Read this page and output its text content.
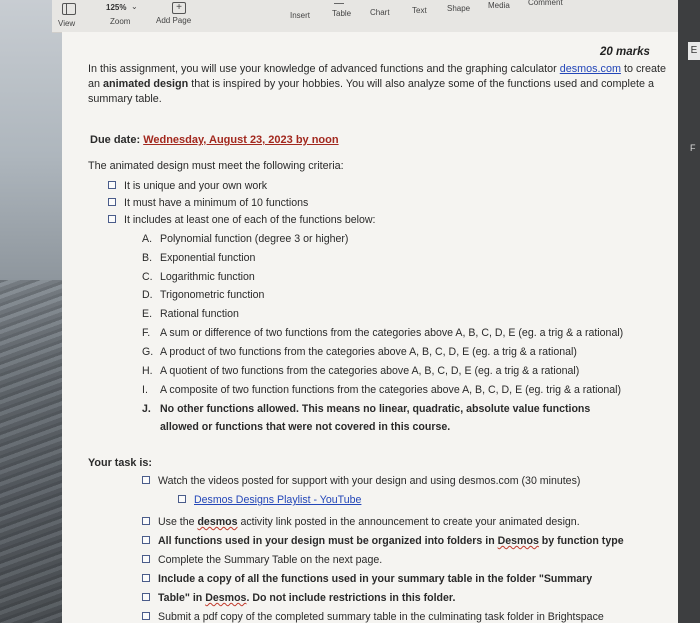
E
F
View
125% ⌄
Zoom
+
Add Page
Insert	Table Chart	Text	Shape Media Comment
20 marks
In this assignment, you will use your knowledge of advanced functions and the graphing calculator desmos.com to create an animated design that is inspired by your hobbies. You will also analyze some of the functions used and complete a summary table.
Due date: Wednesday, August 23, 2023 by noon
The animated design must meet the following criteria:
It is unique and your own work
It must have a minimum of 10 functions
It includes at least one of each of the functions below:
A. Polynomial function (degree 3 or higher)
B. Exponential function
C. Logarithmic function
D. Trigonometric function
E. Rational function
F. A sum or difference of two functions from the categories above A, B, C, D, E (eg. a trig & a rational)
G. A product of two functions from the categories above A, B, C, D, E (eg. a trig & a rational)
H. A quotient of two functions from the categories above A, B, C, D, E (eg. a trig & a rational)
I. A composite of two function functions from the categories above A, B, C, D, E (eg. trig & a rational)
J. No other functions allowed. This means no linear, quadratic, absolute value functions
allowed or functions that were not covered in this course.
Your task is:
Watch the videos posted for support with your design and using desmos.com (30 minutes)
Desmos Designs Playlist - YouTube
Use the desmos activity link posted in the announcement to create your animated design.
All functions used in your design must be organized into folders in Desmos by function type
Complete the Summary Table on the next page.
Include a copy of all the functions used in your summary table in the folder "Summary
Table" in Desmos. Do not include restrictions in this folder.
Submit a pdf copy of the completed summary table in the culminating task folder in Brightspace
